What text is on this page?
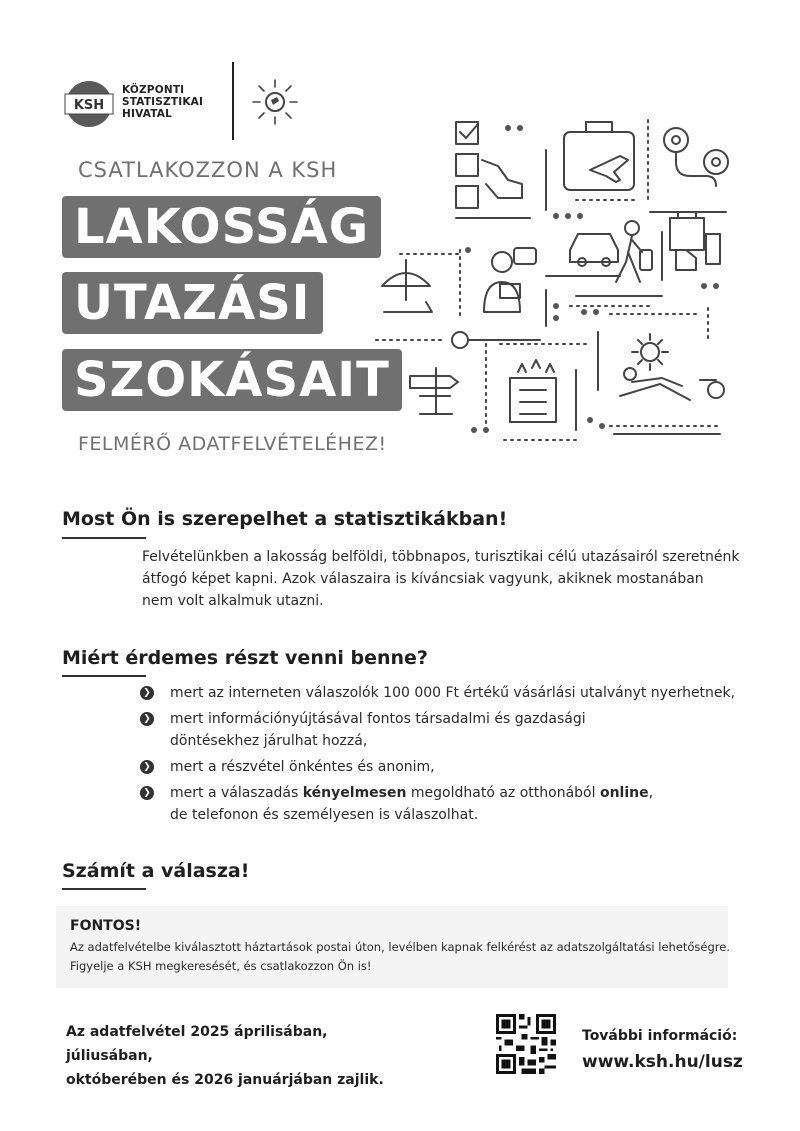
KSH
KÖZPONTI
STATISZTIKAI
HIVATAL
CSATLAKOZZON A KSH
LAKOSSÁG
UTAZÁSI
SZOKÁSAIT
FELMÉRŐ ADATFELVÉTELÉHEZ!
Most Ön is szerepelhet a statisztikákban!
Felvételünkben a lakosság belföldi, többnapos, turisztikai célú utazásairól szeretnénk
átfogó képet kapni. Azok válaszaira is kíváncsiak vagyunk, akiknek mostanában
nem volt alkalmuk utazni.
Miért érdemes részt venni benne?
❯ mert az interneten válaszolók 100 000 Ft értékű vásárlási utalványt nyerhetnek,
❯ mert információnyújtásával fontos társadalmi és gazdasági
döntésekhez járulhat hozzá,
❯ mert a részvétel önkéntes és anonim,
❯ mert a válaszadás kényelmesen megoldható az otthonából online,
de telefonon és személyesen is válaszolhat.
Számít a válasza!
FONTOS!
Az adatfelvételbe kiválasztott háztartások postai úton, levélben kapnak felkérést az adatszolgáltatási lehetőségre.
Figyelje a KSH megkeresését, és csatlakozzon Ön is!
Az adatfelvétel 2025 áprilisában, júliusában,
októberében és 2026 januárjában zajlik.
További információ:
www.ksh.hu/lusz
